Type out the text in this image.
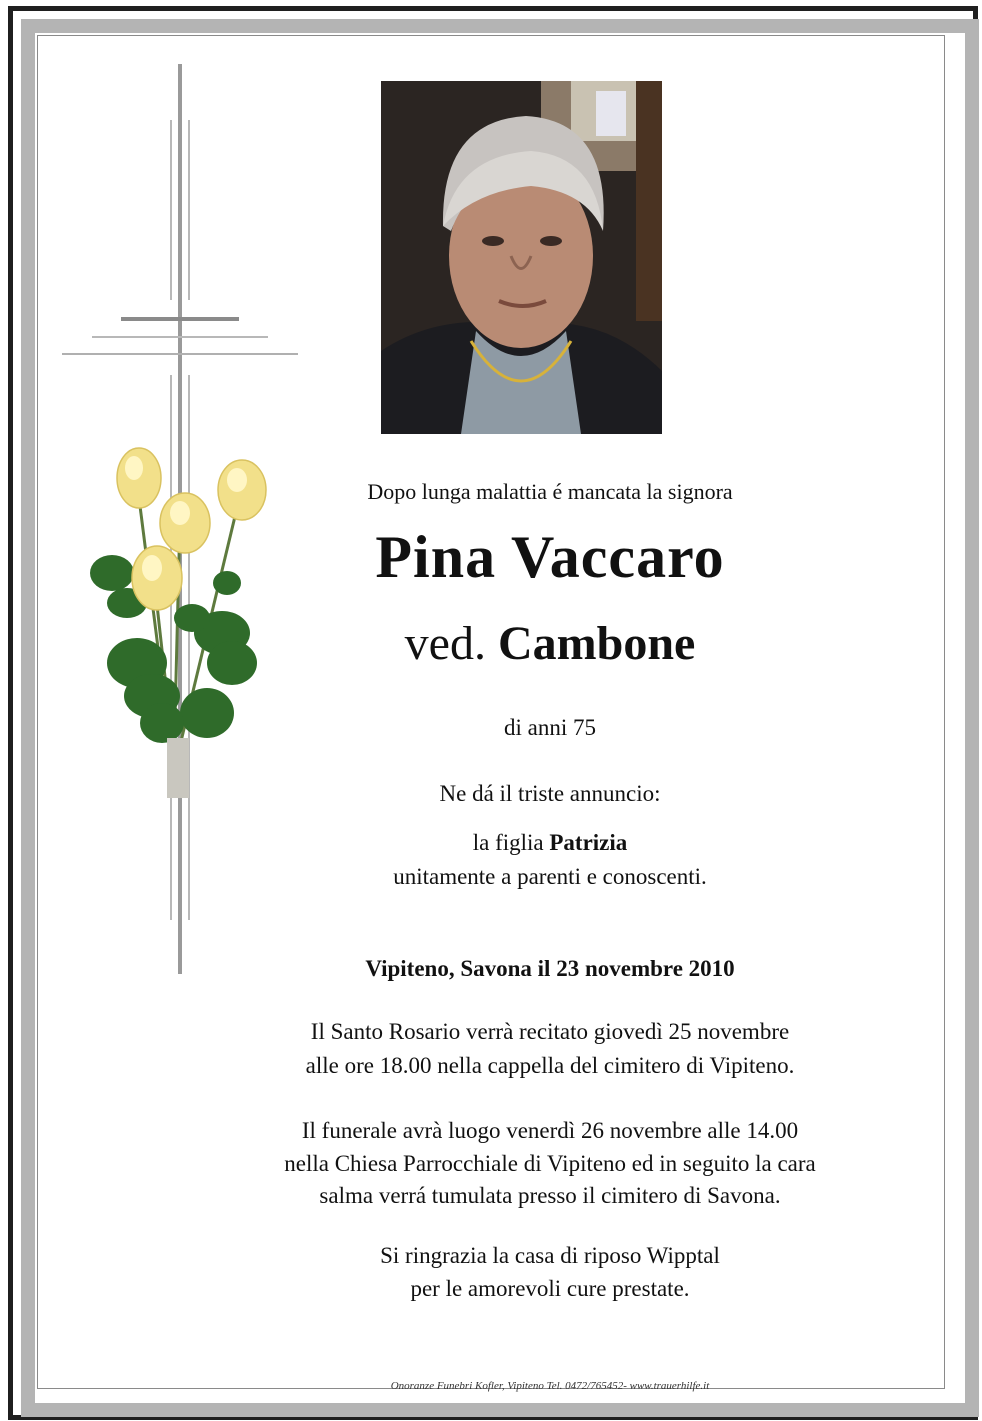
Dopo lunga malattia é mancata la signora
Pina Vaccaro
ved. Cambone
di anni 75
Ne dá il triste annuncio:
la figlia Patrizia
unitamente a parenti e conoscenti.
Vipiteno, Savona il 23 novembre 2010
Il Santo Rosario verrà recitato giovedì 25 novembre
alle ore 18.00 nella cappella del cimitero di Vipiteno.
Il funerale avrà luogo venerdì 26 novembre alle 14.00
nella Chiesa Parrocchiale di Vipiteno ed in seguito la cara
salma verrá tumulata presso il cimitero di Savona.
Si ringrazia la casa di riposo Wipptal
per le amorevoli cure prestate.
Onoranze Funebri Kofler, Vipiteno Tel. 0472/765452- www.trauerhilfe.it
